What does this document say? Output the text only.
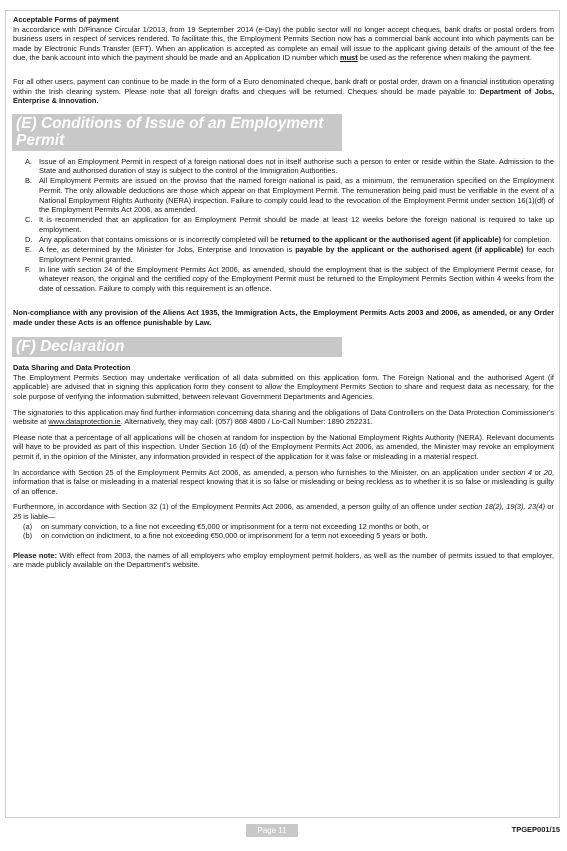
Acceptable Forms of payment

In accordance with D/Finance Circular 1/2013, from 19 September 2014 (e-Day) the public sector will no longer accept cheques, bank drafts or postal orders from business users in respect of services rendered. To facilitate this, the Employment Permits Section now has a commercial bank account into which payments can be made by Electronic Funds Transfer (EFT). When an application is accepted as complete an email will issue to the applicant giving details of the amount of the fee due, the bank account into which the payment should be made and an Application ID number which must be used as the reference when making the payment.

For all other users, payment can continue to be made in the form of a Euro denominated cheque, bank draft or postal order, drawn on a financial institution operating within the Irish clearing system. Please note that all foreign drafts and cheques will be returned. Cheques should be made payable to: Department of Jobs, Enterprise & Innovation.

(E) Conditions of Issue of an Employment Permit
A. Issue of an Employment Permit in respect of a foreign national does not in itself authorise such a person to enter or reside within the State. Admission to the State and authorised duration of stay is subject to the control of the Immigration Authorities.
B. All Employment Permits are issued on the proviso that the named foreign national is paid, as a minimum, the remuneration specified on the Employment Permit. The only allowable deductions are those which appear on that Employment Permit. The remuneration being paid must be verifiable in the event of a National Employment Rights Authority (NERA) inspection. Failure to comply could lead to the revocation of the Employment Permit under section 16(1)(df) of the Employment Permits Act 2006, as amended.
C. It is recommended that an application for an Employment Permit should be made at least 12 weeks before the foreign national is required to take up employment.
D. Any application that contains omissions or is incorrectly completed will be returned to the applicant or the authorised agent (if applicable) for completion.
E. A fee, as determined by the Minister for Jobs, Enterprise and Innovation is payable by the applicant or the authorised agent (if applicable) for each Employment Permit granted.
F. In line with section 24 of the Employment Permits Act 2006, as amended, should the employment that is the subject of the Employment Permit cease, for whatever reason, the original and the certified copy of the Employment Permit must be returned to the Employment Permits Section within 4 weeks from the date of cessation. Failure to comply with this requirement is an offence.

Non-compliance with any provision of the Aliens Act 1935, the Immigration Acts, the Employment Permits Acts 2003 and 2006, as amended, or any Order made under these Acts is an offence punishable by Law.

(F) Declaration

Data Sharing and Data Protection

The Employment Permits Section may undertake verification of all data submitted on this application form. The Foreign National and the authorised Agent (if applicable) are advised that in signing this application form they consent to allow the Employment Permits Section to share and request data as necessary, for the sole purpose of verifying the information submitted, between relevant Government Departments and Agencies.

The signatories to this application may find further information concerning data sharing and the obligations of Data Controllers on the Data Protection Commissioner's website at www.dataprotection.ie. Alternatively, they may call: (057) 868 4800 / Lo-Call Number: 1890 252231.

Please note that a percentage of all applications will be chosen at random for inspection by the National Employment Rights Authority (NERA). Relevant documents will have to be provided as part of this inspection. Under Section 16 (d) of the Employment Permits Act 2006, as amended, the Minister may revoke an employment permit if, in the opinion of the Minister, any information provided in respect of the application for it was false or misleading in a material respect.

In accordance with Section 25 of the Employment Permits Act 2006, as amended, a person who furnishes to the Minister, on an application under section 4 or 20, information that is false or misleading in a material respect knowing that it is so false or misleading or being reckless as to whether it is so false or misleading is guilty of an offence.

Furthermore, in accordance with Section 32 (1) of the Employment Permits Act 2006, as amended, a person guilty of an offence under section 18(2), 19(3), 23(4) or 25 is liable—

(a) on summary conviction, to a fine not exceeding €5,000 or imprisonment for a term not exceeding 12 months or both, or
(b) on conviction on indictment, to a fine not exceeding €50,000 or imprisonment for a term not exceeding 5 years or both.

Please note: With effect from 2003, the names of all employers who employ employment permit holders, as well as the number of permits issued to that employer, are made publicly available on the Department's website.

Page 11	TPGEP001/15
